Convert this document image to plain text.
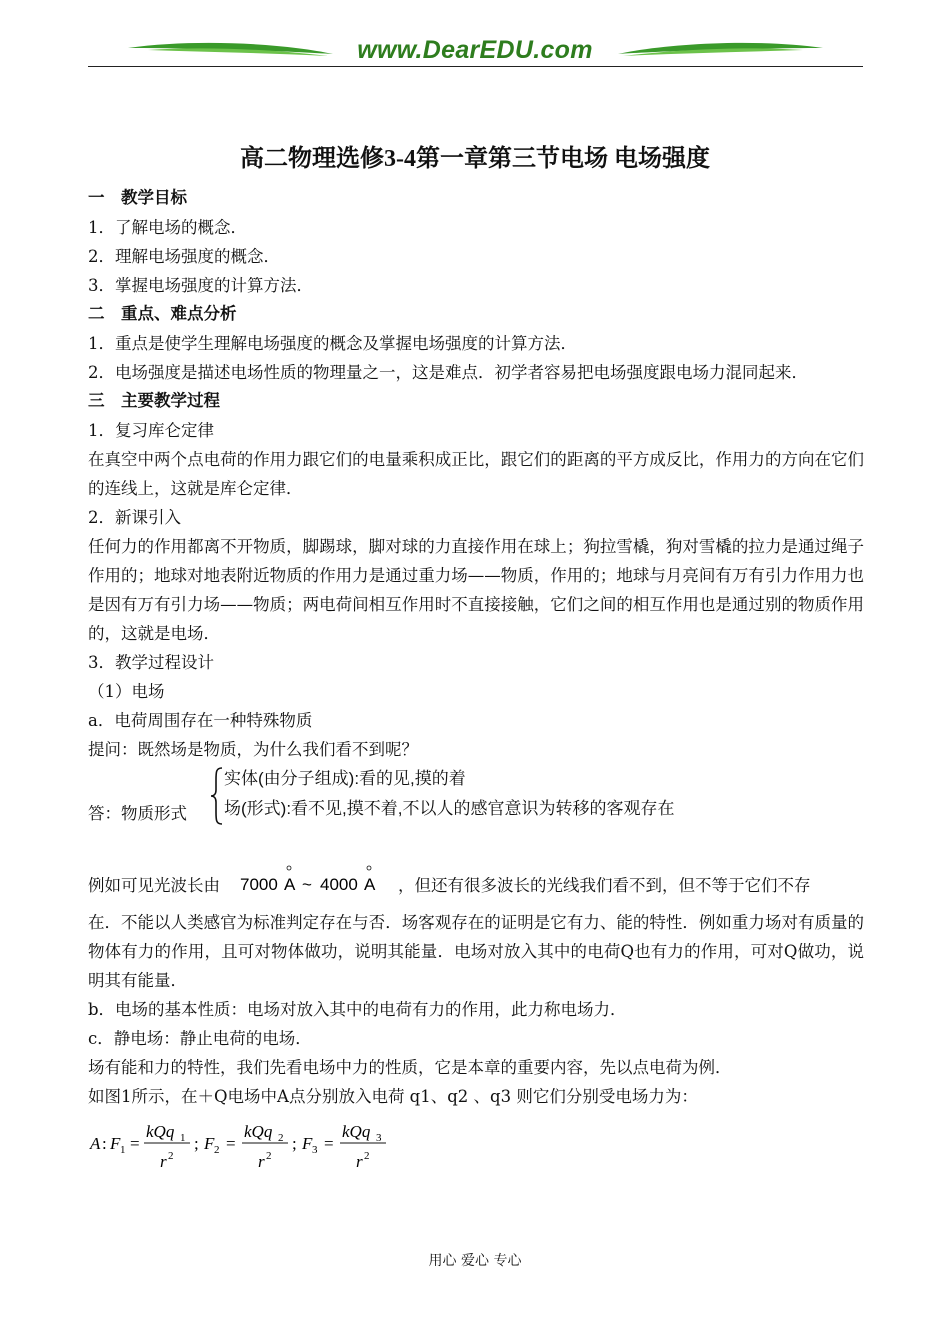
www.DearEDU.com
高二物理选修3-4第一章第三节电场 电场强度
一　教学目标
1．了解电场的概念．
2．理解电场强度的概念．
3．掌握电场强度的计算方法．
二　重点、难点分析
1．重点是使学生理解电场强度的概念及掌握电场强度的计算方法．
2．电场强度是描述电场性质的物理量之一，这是难点．初学者容易把电场强度跟电场力混同起来．
三　主要教学过程
1．复习库仑定律
在真空中两个点电荷的作用力跟它们的电量乘积成正比，跟它们的距离的平方成反比，作用力的方向在它们的连线上，这就是库仑定律．
2．新课引入
任何力的作用都离不开物质，脚踢球，脚对球的力直接作用在球上；狗拉雪橇，狗对雪橇的拉力是通过绳子作用的；地球对地表附近物质的作用力是通过重力场——物质，作用的；地球与月亮间有万有引力作用力也是因有万有引力场——物质；两电荷间相互作用时不直接接触，它们之间的相互作用也是通过别的物质作用的，这就是电场．
3．教学过程设计
（1）电场
a．电荷周围存在一种特殊物质
提问：既然场是物质，为什么我们看不到呢？
答：物质形式
实体(由分子组成):看的见,摸的着
场(形式):看不见,摸不着,不以人的感官意识为转移的客观存在
例如可见光波长由 7000 A ~ 4000 A ，但还有很多波长的光线我们看不到，但不等于它们不存
在．不能以人类感官为标准判定存在与否．场客观存在的证明是它有力、能的特性．例如重力场对有质量的物体有力的作用，且可对物体做功，说明其能量．电场对放入其中的电荷Q也有力的作用，可对Q做功，说明其有能量．
b．电场的基本性质：电场对放入其中的电荷有力的作用，此力称电场力．
c．静电场：静止电荷的电场．
场有能和力的特性，我们先看电场中力的性质，它是本章的重要内容，先以点电荷为例．
如图1所示，在＋Q电场中A点分别放入电荷 q1、q2 、q3 则它们分别受电场力为：
A : F 1 =
kQq 1
r 2
; F 2 =
kQq 2
r 2
; F 3 =
kQq 3
r 2
用心 爱心 专心
